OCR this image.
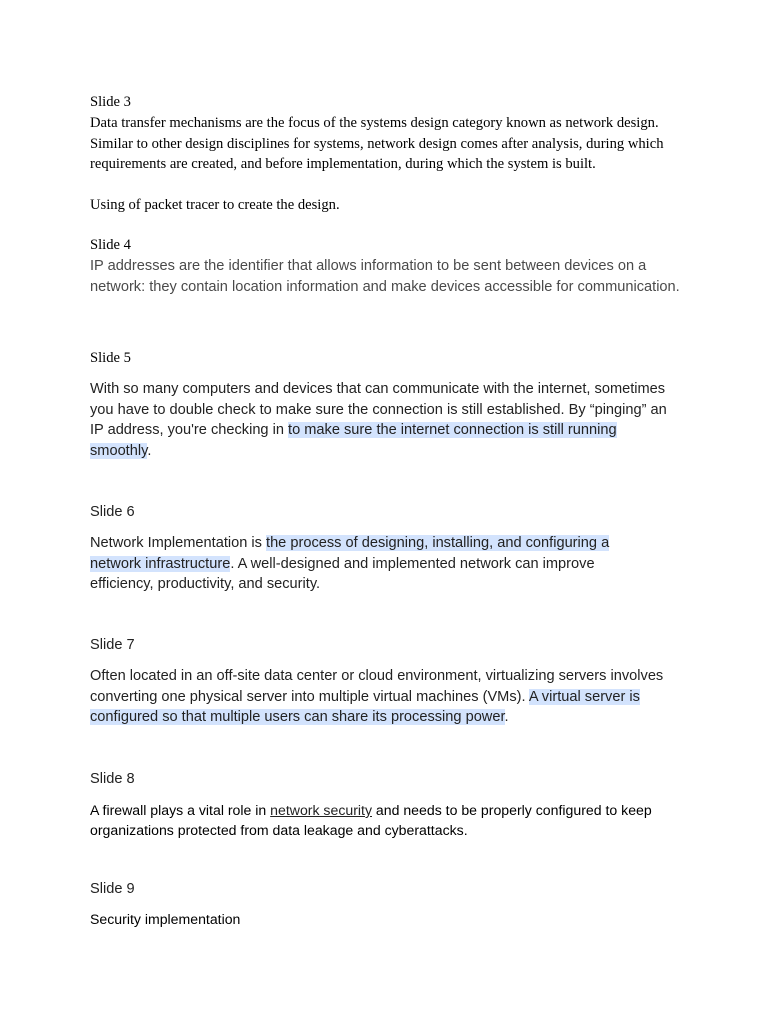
Slide 3

Data transfer mechanisms are the focus of the systems design category known as network design. Similar to other design disciplines for systems, network design comes after analysis, during which requirements are created, and before implementation, during which the system is built.

Using of packet tracer to create the design.

Slide 4

IP addresses are the identifier that allows information to be sent between devices on a network: they contain location information and make devices accessible for communication.

Slide 5

With so many computers and devices that can communicate with the internet, sometimes you have to double check to make sure the connection is still established. By “pinging” an IP address, you're checking in to make sure the internet connection is still running smoothly.

Slide 6

Network Implementation is the process of designing, installing, and configuring a network infrastructure. A well-designed and implemented network can improve efficiency, productivity, and security.

Slide 7

Often located in an off-site data center or cloud environment, virtualizing servers involves converting one physical server into multiple virtual machines (VMs). A virtual server is configured so that multiple users can share its processing power.

Slide 8

A firewall plays a vital role in network security and needs to be properly configured to keep organizations protected from data leakage and cyberattacks.

Slide 9

Security implementation
